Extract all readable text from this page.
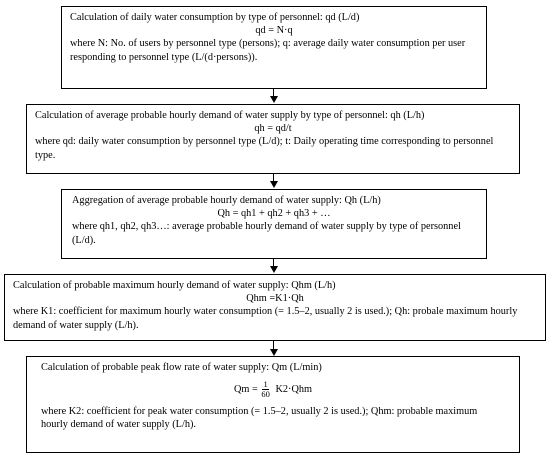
Calculation of daily water consumption by type of personnel: qd (L/d)
qd = N·q
where N: No. of users by personnel type (persons); q: average daily water consumption per user responding to personnel type (L/(d·persons)).
Calculation of average probable hourly demand of water supply by type of personnel: qh (L/h)
qh = qd/t
where qd: daily water consumption by personnel type (L/d); t: Daily operating time corresponding to personnel type.
Aggregation of average probable hourly demand of water supply: Qh (L/h)
Qh = qh1 + qh2 + qh3 + …
where qh1, qh2, qh3…: average probable hourly demand of water supply by type of personnel (L/d).
Calculation of probable maximum hourly demand of water supply: Qhm (L/h)
Qhm =K1·Qh
where K1: coefficient for maximum hourly water consumption (= 1.5–2, usually 2 is used.); Qh: probale maximum hourly demand of water supply (L/h).
Calculation of probable peak flow rate of water supply: Qm (L/min)
$Qm = \frac{1}{60} K2\cdot Qhm$
where K2: coefficient for peak water consumption (= 1.5–2, usually 2 is used.); Qhm: probable maximum hourly demand of water supply (L/h).
